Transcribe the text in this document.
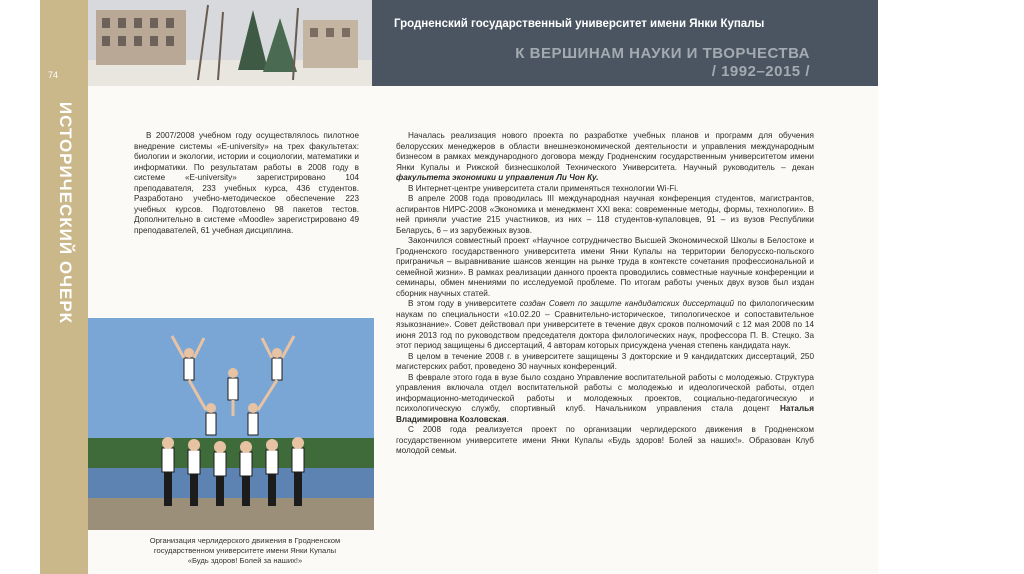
74
ИСТОРИЧЕСКИЙ ОЧЕРК
Гродненский государственный университет имени Янки Купалы
К ВЕРШИНАМ НАУКИ И ТВОРЧЕСТВА
/ 1992–2015 /

В 2007/2008 учебном году осуществлялось пилотное внедрение системы «E-university» на трех факультетах: биологии и экологии, истории и социологии, математики и информатики. По результатам работы в 2008 году в системе «E-university» зарегистрировано 104 преподавателя, 233 учебных курса, 436 студентов. Разработано учебно-методическое обеспечение 223 учебных курсов. Подготовлено 98 пакетов тестов. Дополнительно в системе «Moodle» зарегистрировано 49 преподавателей, 61 учебная дисциплина.

Началась реализация нового проекта по разработке учебных планов и программ для обучения белорусских менеджеров в области внешнеэкономической деятельности и управления международным бизнесом в рамках международного договора между Гродненским государственным университетом имени Янки Купалы и Рижской бизнесшколой Технического Университета. Научный руководитель – декан факультета экономики и управления Ли Чон Ку.

В Интернет-центре университета стали применяться технологии Wi-Fi.

В апреле 2008 года проводилась III международная научная конференция студентов, магистрантов, аспирантов НИРС-2008 «Экономика и менеджмент XXI века: современные методы, формы, технологии». В ней приняли участие 215 участников, из них – 118 студентов-купаловцев, 91 – из вузов Республики Беларусь, 6 – из зарубежных вузов.

Закончился совместный проект «Научное сотрудничество Высшей Экономической Школы в Белостоке и Гродненского государственного университета имени Янки Купалы на территории белорусско-польского приграничья – выравнивание шансов женщин на рынке труда в контексте сочетания профессиональной и семейной жизни». В рамках реализации данного проекта проводились совместные научные конференции и семинары, обмен мнениями по исследуемой проблеме. По итогам работы ученых двух вузов был издан сборник научных статей.

В этом году в университете создан Совет по защите кандидатских диссертаций по филологическим наукам по специальности «10.02.20 – Сравнительно-историческое, типологическое и сопоставительное языкознание». Совет действовал при университете в течение двух сроков полномочий с 12 мая 2008 по 14 июня 2013 год по руководством председателя доктора филологических наук, профессора П. В. Стецко. За этот период защищены 6 диссертаций, 4 авторам которых присуждена ученая степень кандидата наук.

В целом в течение 2008 г. в университете защищены 3 докторские и 9 кандидатских диссертаций, 250 магистерских работ, проведено 30 научных конференций.

В феврале этого года в вузе было создано Управление воспитательной работы с молодежью. Структура управления включала отдел воспитательной работы с молодежью и идеологической работы, отдел информационно-методической работы и молодежных проектов, социально-педагогическую и психологическую службу, спортивный клуб. Начальником управления стала доцент Наталья Владимировна Козловская.

С 2008 года реализуется проект по организации черлидерского движения в Гродненском государственном университете имени Янки Купалы «Будь здоров! Болей за наших!». Образован Клуб молодой семьи.

Организация черлидерского движения в Гродненском
государственном университете имени Янки Купалы
«Будь здоров! Болей за наших!»
